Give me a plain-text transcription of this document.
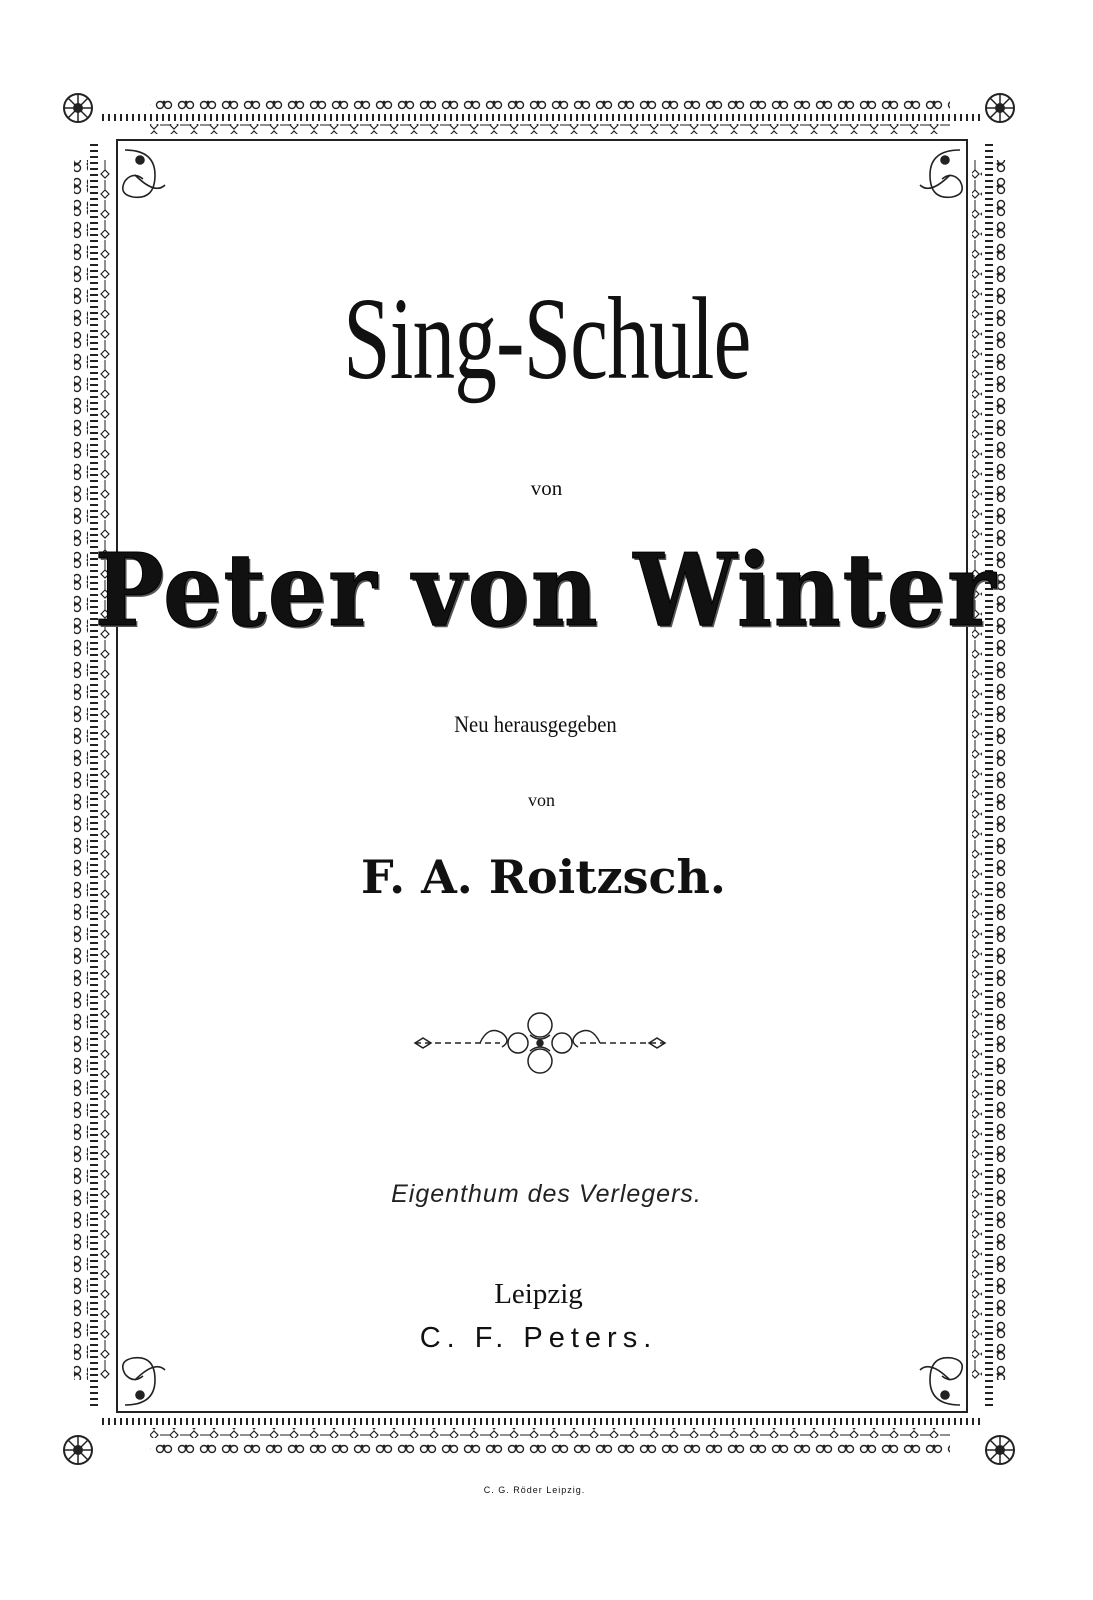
Sing-Schule
von
Peter von Winter
Neu herausgegeben
von
F. A. Roitzsch.
Eigenthum des Verlegers.
Leipzig
C. F. Peters.
C. G. Röder Leipzig.
